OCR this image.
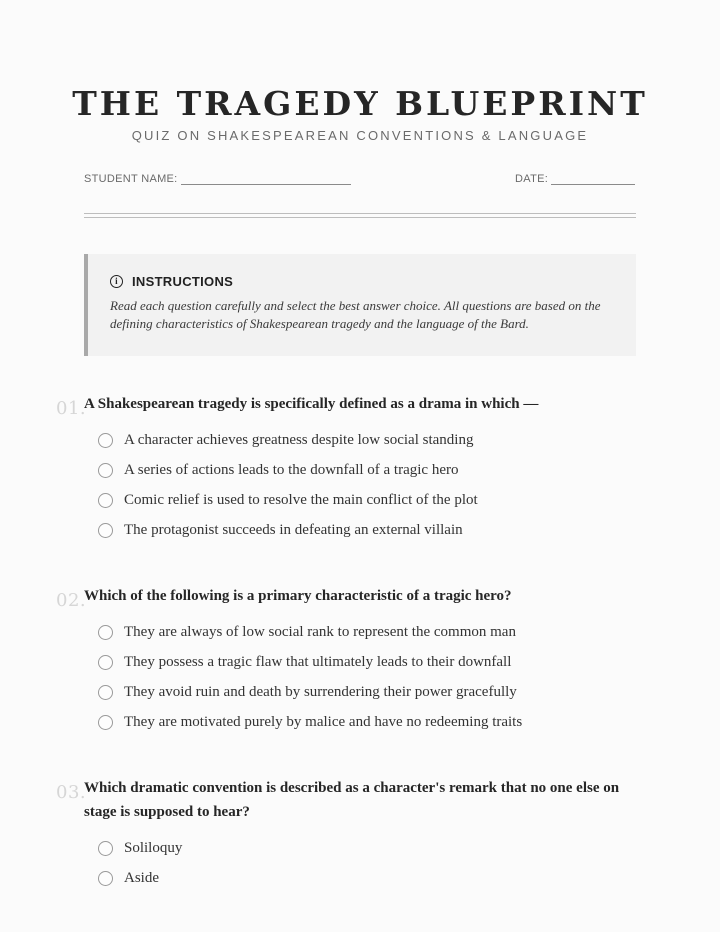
THE TRAGEDY BLUEPRINT
QUIZ ON SHAKESPEAREAN CONVENTIONS & LANGUAGE
STUDENT NAME:	DATE:
i	INSTRUCTIONS
Read each question carefully and select the best answer choice. All questions are based on the defining characteristics of Shakespearean tragedy and the language of the Bard.
01.
A Shakespearean tragedy is specifically defined as a drama in which —
A character achieves greatness despite low social standing
A series of actions leads to the downfall of a tragic hero
Comic relief is used to resolve the main conflict of the plot
The protagonist succeeds in defeating an external villain
02.
Which of the following is a primary characteristic of a tragic hero?
They are always of low social rank to represent the common man
They possess a tragic flaw that ultimately leads to their downfall
They avoid ruin and death by surrendering their power gracefully
They are motivated purely by malice and have no redeeming traits
03.
Which dramatic convention is described as a character's remark that no one else on stage is supposed to hear?
Soliloquy
Aside
